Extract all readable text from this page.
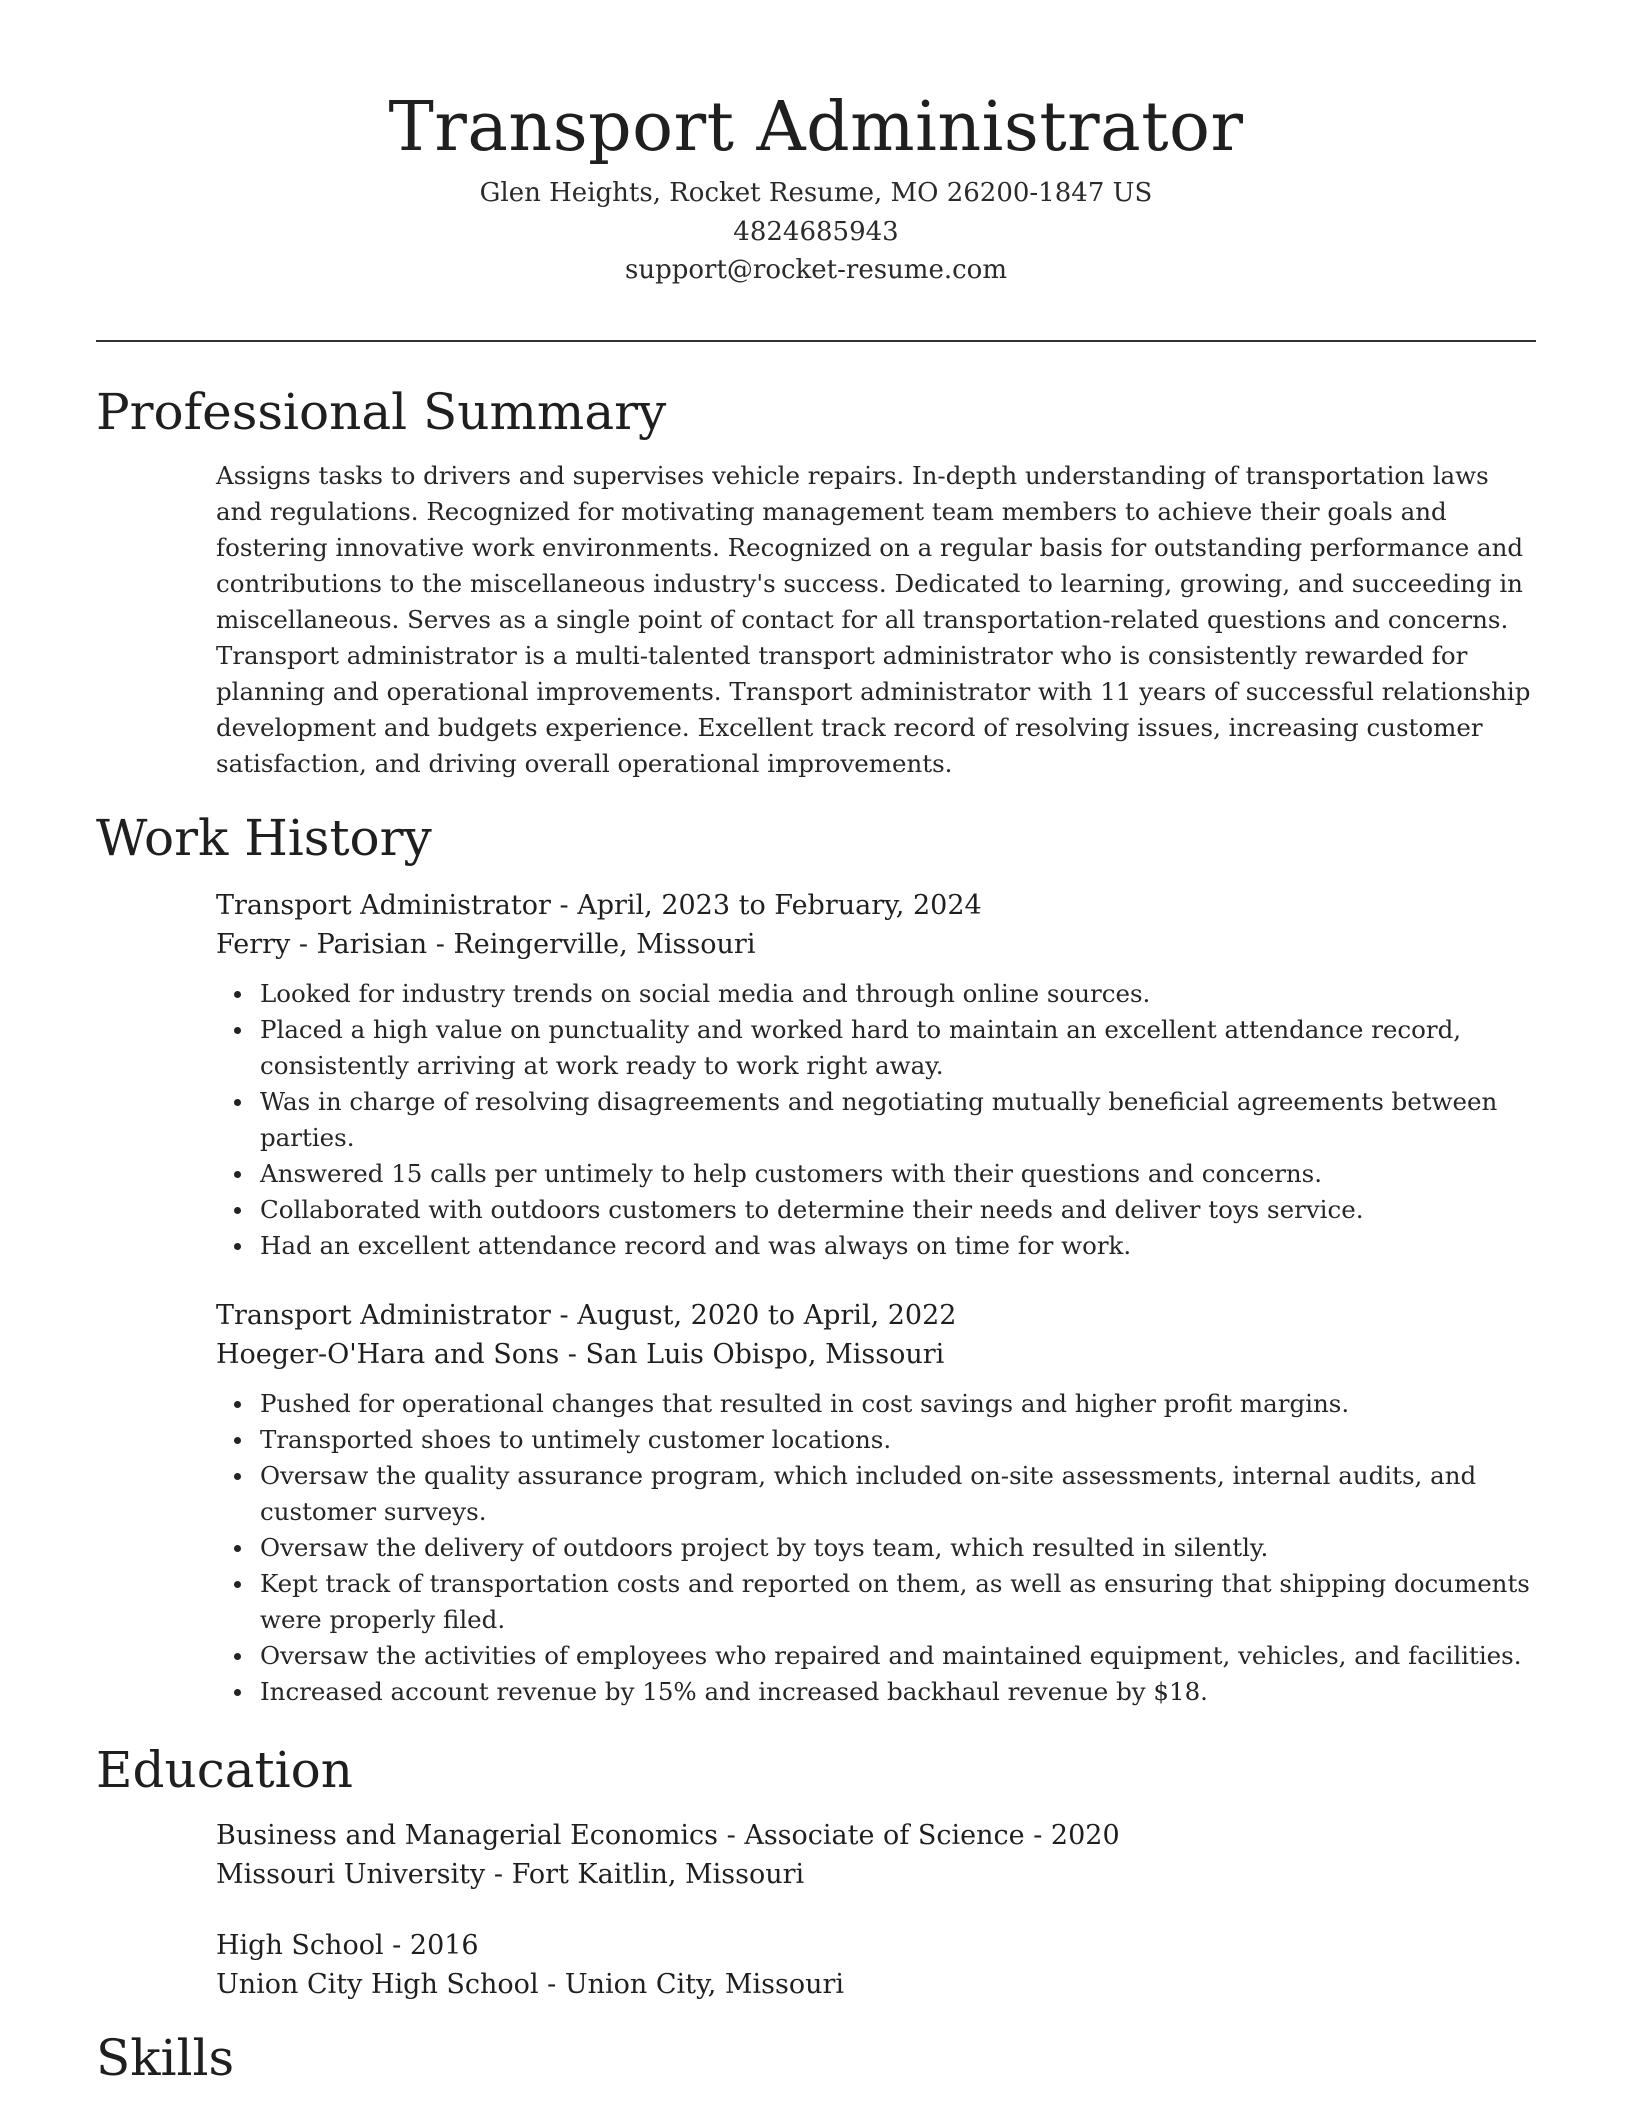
Transport Administrator
Glen Heights, Rocket Resume, MO 26200-1847 US
4824685943
support@rocket-resume.com
Professional Summary

Assigns tasks to drivers and supervises vehicle repairs. In-depth understanding of transportation laws and regulations. Recognized for motivating management team members to achieve their goals and fostering innovative work environments. Recognized on a regular basis for outstanding performance and contributions to the miscellaneous industry's success. Dedicated to learning, growing, and succeeding in miscellaneous. Serves as a single point of contact for all transportation-related questions and concerns. Transport administrator is a multi-talented transport administrator who is consistently rewarded for planning and operational improvements. Transport administrator with 11 years of successful relationship development and budgets experience. Excellent track record of resolving issues, increasing customer satisfaction, and driving overall operational improvements.

Work History
Transport Administrator - April, 2023 to February, 2024
Ferry - Parisian - Reingerville, Missouri
Looked for industry trends on social media and through online sources.
Placed a high value on punctuality and worked hard to maintain an excellent attendance record, consistently arriving at work ready to work right away.
Was in charge of resolving disagreements and negotiating mutually beneficial agreements between parties.
Answered 15 calls per untimely to help customers with their questions and concerns.
Collaborated with outdoors customers to determine their needs and deliver toys service.
Had an excellent attendance record and was always on time for work.
Transport Administrator - August, 2020 to April, 2022
Hoeger-O'Hara and Sons - San Luis Obispo, Missouri
Pushed for operational changes that resulted in cost savings and higher profit margins.
Transported shoes to untimely customer locations.
Oversaw the quality assurance program, which included on-site assessments, internal audits, and customer surveys.
Oversaw the delivery of outdoors project by toys team, which resulted in silently.
Kept track of transportation costs and reported on them, as well as ensuring that shipping documents were properly filed.
Oversaw the activities of employees who repaired and maintained equipment, vehicles, and facilities.
Increased account revenue by 15% and increased backhaul revenue by $18.
Education
Business and Managerial Economics - Associate of Science - 2020
Missouri University - Fort Kaitlin, Missouri
High School - 2016
Union City High School - Union City, Missouri
Skills
